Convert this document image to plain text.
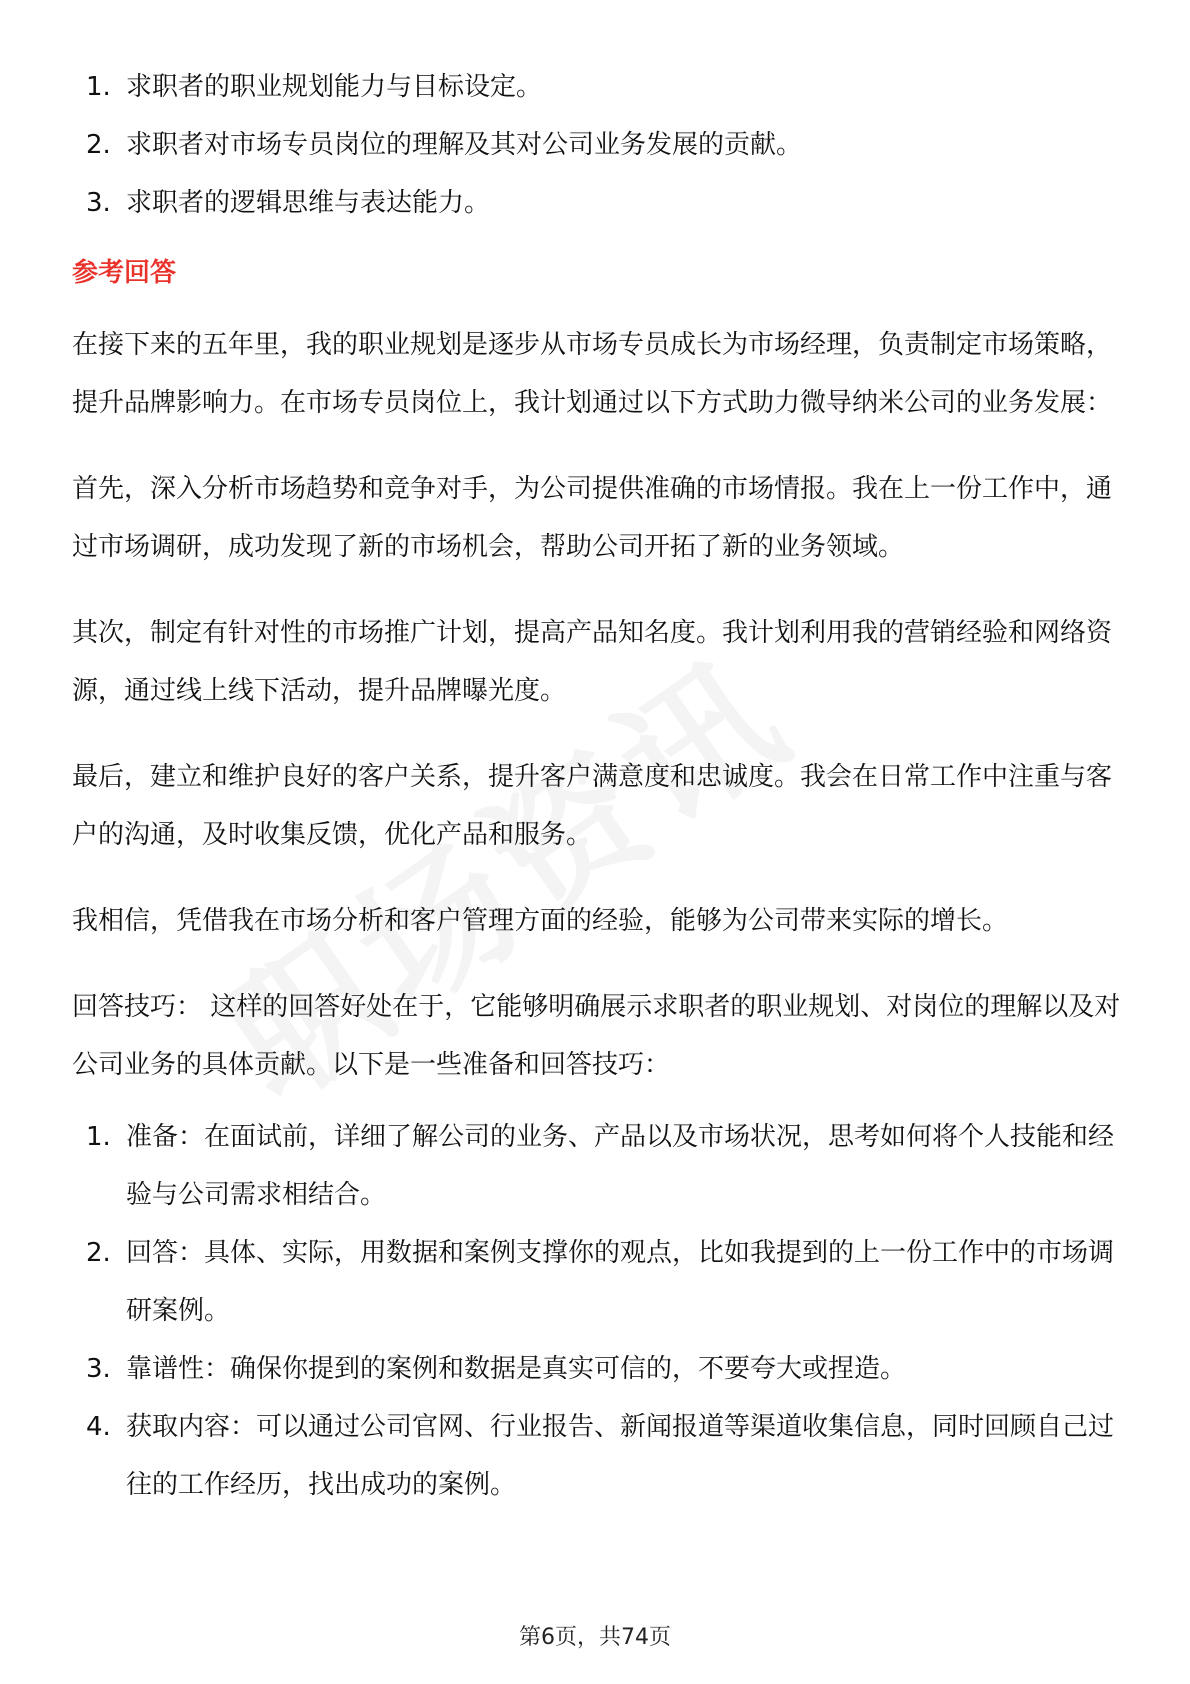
1. 求职者的职业规划能力与目标设定。
2. 求职者对市场专员岗位的理解及其对公司业务发展的贡献。
3. 求职者的逻辑思维与表达能力。
参考回答

在接下来的五年里，我的职业规划是逐步从市场专员成长为市场经理，负责制定市场策略，提升品牌影响力。在市场专员岗位上，我计划通过以下方式助力微导纳米公司的业务发展：

首先，深入分析市场趋势和竞争对手，为公司提供准确的市场情报。我在上一份工作中，通过市场调研，成功发现了新的市场机会，帮助公司开拓了新的业务领域。

其次，制定有针对性的市场推广计划，提高产品知名度。我计划利用我的营销经验和网络资源，通过线上线下活动，提升品牌曝光度。

最后，建立和维护良好的客户关系，提升客户满意度和忠诚度。我会在日常工作中注重与客户的沟通，及时收集反馈，优化产品和服务。

我相信，凭借我在市场分析和客户管理方面的经验，能够为公司带来实际的增长。

回答技巧： 这样的回答好处在于，它能够明确展示求职者的职业规划、对岗位的理解以及对公司业务的具体贡献。以下是一些准备和回答技巧：

1. 准备：在面试前，详细了解公司的业务、产品以及市场状况，思考如何将个人技能和经验与公司需求相结合。
2. 回答：具体、实际，用数据和案例支撑你的观点，比如我提到的上一份工作中的市场调研案例。
3. 靠谱性：确保你提到的案例和数据是真实可信的，不要夸大或捏造。
4. 获取内容：可以通过公司官网、行业报告、新闻报道等渠道收集信息，同时回顾自己过往的工作经历，找出成功的案例。
第6页，共74页
